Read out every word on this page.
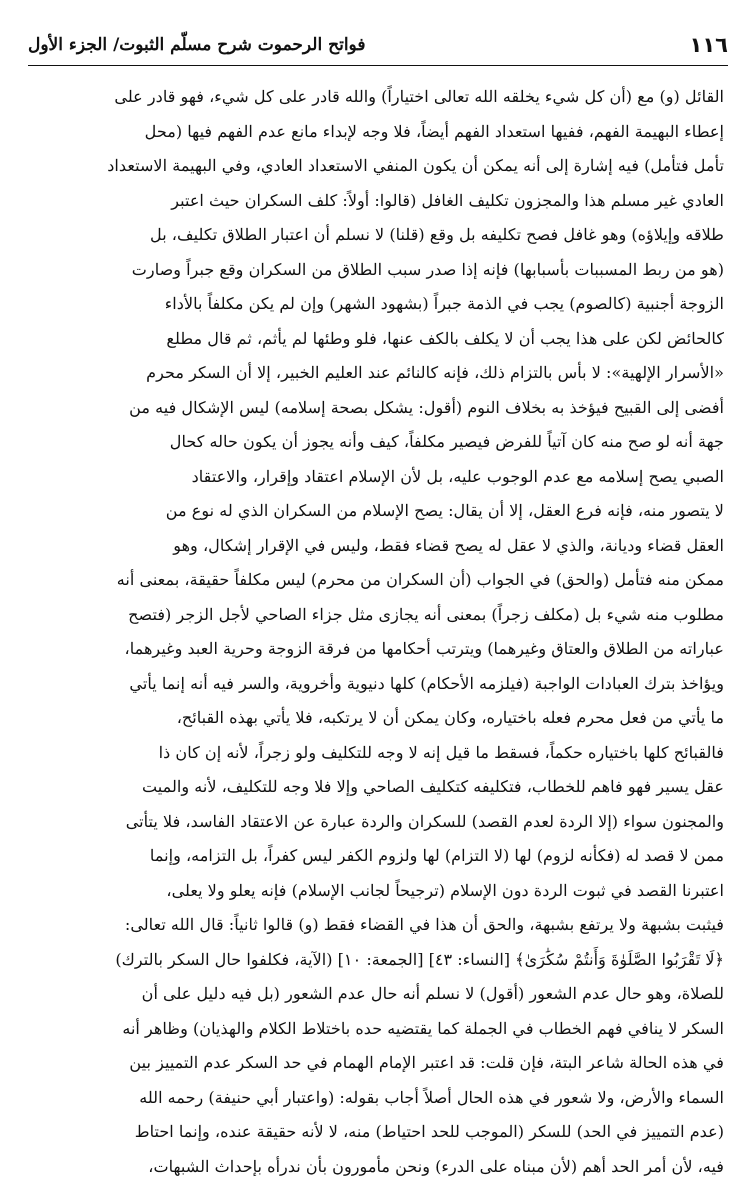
١١٦
فواتح الرحموت شرح مسلّم الثبوت/ الجزء الأول
القائل (و) مع (أن كل شيء يخلقه الله تعالى اختياراً) والله قادر على كل شيء، فهو قادر على
إعطاء البهيمة الفهم، ففيها استعداد الفهم أيضاً، فلا وجه لإبداء مانع عدم الفهم فيها (محل
تأمل فتأمل) فيه إشارة إلى أنه يمكن أن يكون المنفي الاستعداد العادي، وفي البهيمة الاستعداد
العادي غير مسلم هذا والمجزون تكليف الغافل (قالوا: أولاً: كلف السكران حيث اعتبر
طلاقه وإيلاؤه) وهو غافل فصح تكليفه بل وقع (قلنا) لا نسلم أن اعتبار الطلاق تكليف، بل
(هو من ربط المسببات بأسبابها) فإنه إذا صدر سبب الطلاق من السكران وقع جبراً وصارت
الزوجة أجنبية (كالصوم) يجب في الذمة جبراً (بشهود الشهر) وإن لم يكن مكلفاً بالأداء
كالحائض لكن على هذا يجب أن لا يكلف بالكف عنها، فلو وطئها لم يأثم، ثم قال مطلع
«الأسرار الإلهية»: لا بأس بالتزام ذلك، فإنه كالنائم عند العليم الخبير، إلا أن السكر محرم
أفضى إلى القبيح فيؤخذ به بخلاف النوم (أقول: يشكل بصحة إسلامه) ليس الإشكال فيه من
جهة أنه لو صح منه كان آتياً للفرض فيصير مكلفاً، كيف وأنه يجوز أن يكون حاله كحال
الصبي يصح إسلامه مع عدم الوجوب عليه، بل لأن الإسلام اعتقاد وإقرار، والاعتقاد
لا يتصور منه، فإنه فرع العقل، إلا أن يقال: يصح الإسلام من السكران الذي له نوع من
العقل قضاء وديانة، والذي لا عقل له يصح قضاء فقط، وليس في الإقرار إشكال، وهو
ممكن منه فتأمل (والحق) في الجواب (أن السكران من محرم) ليس مكلفاً حقيقة، بمعنى أنه
مطلوب منه شيء بل (مكلف زجراً) بمعنى أنه يجازى مثل جزاء الصاحي لأجل الزجر (فتصح
عباراته من الطلاق والعتاق وغيرهما) ويترتب أحكامها من فرقة الزوجة وحرية العبد وغيرهما،
ويؤاخذ بترك العبادات الواجبة (فيلزمه الأحكام) كلها دنيوية وأخروية، والسر فيه أنه إنما يأتي
ما يأتي من فعل محرم فعله باختياره، وكان يمكن أن لا يرتكبه، فلا يأتي بهذه القبائح،
فالقبائح كلها باختياره حكماً، فسقط ما قيل إنه لا وجه للتكليف ولو زجراً، لأنه إن كان ذا
عقل يسير فهو فاهم للخطاب، فتكليفه كتكليف الصاحي وإلا فلا وجه للتكليف، لأنه والميت
والمجنون سواء (إلا الردة لعدم القصد) للسكران والردة عبارة عن الاعتقاد الفاسد، فلا يتأتى
ممن لا قصد له (فكأنه لزوم) لها (لا التزام) لها ولزوم الكفر ليس كفراً، بل التزامه، وإنما
اعتبرنا القصد في ثبوت الردة دون الإسلام (ترجيحاً لجانب الإسلام) فإنه يعلو ولا يعلى،
فيثبت بشبهة ولا يرتفع بشبهة، والحق أن هذا في القضاء فقط (و) قالوا ثانياً: قال الله تعالى:
﴿لَا تَقْرَبُوا الصَّلَوٰةَ وَأَنتُمْ سُكَٰرَىٰ﴾ [النساء: ٤٣] [الجمعة: ١٠] (الآية، فكلفوا حال السكر بالترك)
للصلاة، وهو حال عدم الشعور (أقول) لا نسلم أنه حال عدم الشعور (بل فيه دليل على أن
السكر لا ينافي فهم الخطاب في الجملة كما يقتضيه حده باختلاط الكلام والهذيان) وظاهر أنه
في هذه الحالة شاعر البتة، فإن قلت: قد اعتبر الإمام الهمام في حد السكر عدم التمييز بين
السماء والأرض، ولا شعور في هذه الحال أصلاً أجاب بقوله: (واعتبار أبي حنيفة) رحمه الله
(عدم التمييز في الحد) للسكر (الموجب للحد احتياط) منه، لا لأنه حقيقة عنده، وإنما احتاط
فيه، لأن أمر الحد أهم (لأن مبناه على الدرء) ونحن مأمورون بأن ندرأه بإحداث الشبهات،
